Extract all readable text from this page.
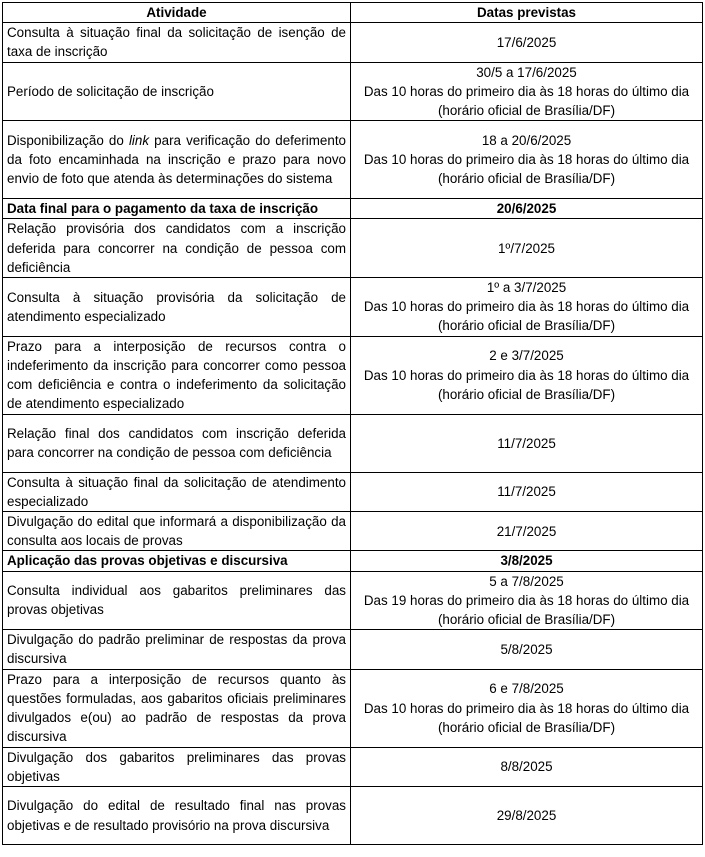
Atividade	Datas previstas
Consulta à situação final da solicitação de isenção de taxa de inscrição	17/6/2025

Período de solicitação de inscrição	30/5 a 17/6/2025
Das 10 horas do primeiro dia às 18 horas do último dia (horário oficial de Brasília/DF)

Disponibilização do link para verificação do deferimento da foto encaminhada na inscrição e prazo para novo envio de foto que atenda às determinações do sistema	18 a 20/6/2025
Das 10 horas do primeiro dia às 18 horas do último dia (horário oficial de Brasília/DF)

Data final para o pagamento da taxa de inscrição	20/6/2025

Relação provisória dos candidatos com a inscrição deferida para concorrer na condição de pessoa com deficiência	1º/7/2025

Consulta à situação provisória da solicitação de atendimento especializado	1º a 3/7/2025
Das 10 horas do primeiro dia às 18 horas do último dia (horário oficial de Brasília/DF)

Prazo para a interposição de recursos contra o indeferimento da inscrição para concorrer como pessoa com deficiência e contra o indeferimento da solicitação de atendimento especializado	2 e 3/7/2025
Das 10 horas do primeiro dia às 18 horas do último dia (horário oficial de Brasília/DF)

Relação final dos candidatos com inscrição deferida para concorrer na condição de pessoa com deficiência	11/7/2025

Consulta à situação final da solicitação de atendimento especializado	11/7/2025

Divulgação do edital que informará a disponibilização da consulta aos locais de provas	21/7/2025

Aplicação das provas objetivas e discursiva	3/8/2025

Consulta individual aos gabaritos preliminares das provas objetivas	5 a 7/8/2025
Das 19 horas do primeiro dia às 18 horas do último dia (horário oficial de Brasília/DF)

Divulgação do padrão preliminar de respostas da prova discursiva	5/8/2025

Prazo para a interposição de recursos quanto às questões formuladas, aos gabaritos oficiais preliminares divulgados e(ou) ao padrão de respostas da prova discursiva	6 e 7/8/2025
Das 10 horas do primeiro dia às 18 horas do último dia (horário oficial de Brasília/DF)

Divulgação dos gabaritos preliminares das provas objetivas	8/8/2025

Divulgação do edital de resultado final nas provas objetivas e de resultado provisório na prova discursiva	29/8/2025
